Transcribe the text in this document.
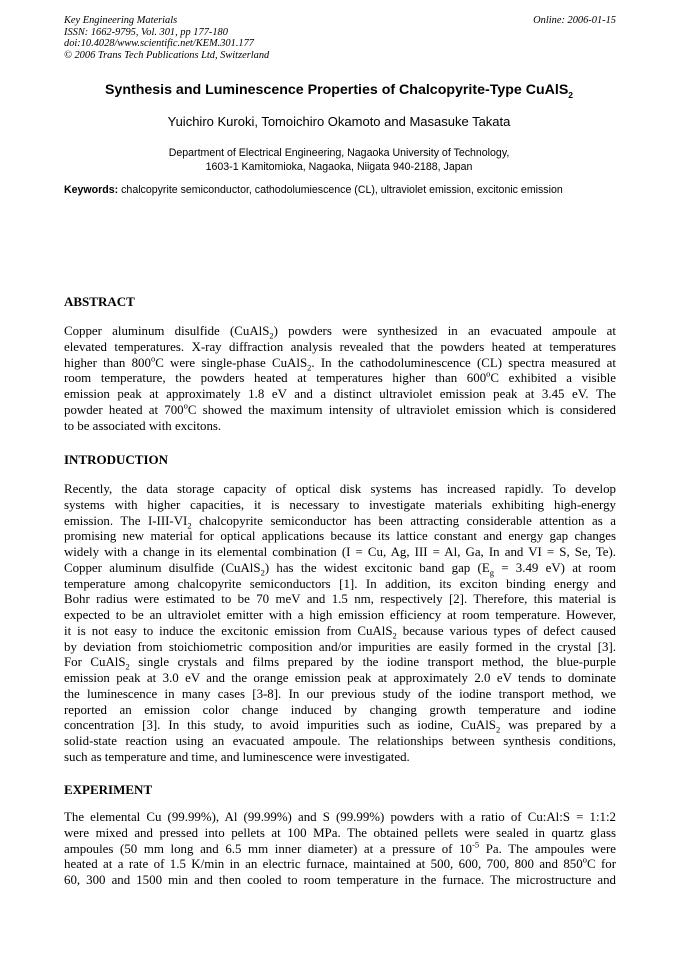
Key Engineering Materials
ISSN: 1662-9795, Vol. 301, pp 177-180
doi:10.4028/www.scientific.net/KEM.301.177
© 2006 Trans Tech Publications Ltd, Switzerland
Online: 2006-01-15
Synthesis and Luminescence Properties of Chalcopyrite-Type CuAlS$_2$
Yuichiro Kuroki, Tomoichiro Okamoto and Masasuke Takata
Department of Electrical Engineering, Nagaoka University of Technology,
1603-1 Kamitomioka, Nagaoka, Niigata 940-2188, Japan
Keywords: chalcopyrite semiconductor, cathodolumiescence (CL), ultraviolet emission, excitonic emission
ABSTRACT
Copper aluminum disulfide (CuAlS$_2$) powders were synthesized in an evacuated ampoule at
elevated temperatures. X-ray diffraction analysis revealed that the powders heated at temperatures
higher than 800$^o$C were single-phase CuAlS$_2$. In the cathodoluminescence (CL) spectra measured at
room temperature, the powders heated at temperatures higher than 600$^o$C exhibited a visible
emission peak at approximately 1.8 eV and a distinct ultraviolet emission peak at 3.45 eV. The
powder heated at 700$^o$C showed the maximum intensity of ultraviolet emission which is considered
to be associated with excitons.
INTRODUCTION
Recently, the data storage capacity of optical disk systems has increased rapidly. To develop
systems with higher capacities, it is necessary to investigate materials exhibiting high-energy
emission. The $I-III-VI_2$ chalcopyrite semiconductor has been attracting considerable attention as a
promising new material for optical applications because its lattice constant and energy gap changes
widely with a change in its elemental combination (I = Cu, Ag, III = Al, Ga, In and VI = S, Se, Te).
Copper aluminum disulfide (CuAlS$_2$) has the widest excitonic band gap ($E_g = 3.49$ eV) at room
temperature among chalcopyrite semiconductors [1]. In addition, its exciton binding energy and
Bohr radius were estimated to be 70 meV and 1.5 nm, respectively [2]. Therefore, this material is
expected to be an ultraviolet emitter with a high emission efficiency at room temperature. However,
it is not easy to induce the excitonic emission from CuAlS$_2$ because various types of defect caused
by deviation from stoichiometric composition and/or impurities are easily formed in the crystal [3].
For CuAlS$_2$ single crystals and films prepared by the iodine transport method, the blue-purple
emission peak at 3.0 eV and the orange emission peak at approximately 2.0 eV tends to dominate
the luminescence in many cases [3-8]. In our previous study of the iodine transport method, we
reported an emission color change induced by changing growth temperature and iodine
concentration [3]. In this study, to avoid impurities such as iodine, CuAlS$_2$ was prepared by a
solid-state reaction using an evacuated ampoule. The relationships between synthesis conditions,
such as temperature and time, and luminescence were investigated.
EXPERIMENT
The elemental Cu (99.99%), Al (99.99%) and S (99.99%) powders with a ratio of Cu:Al:S = 1:1:2
were mixed and pressed into pellets at 100 MPa. The obtained pellets were sealed in quartz glass
ampoules (50 mm long and 6.5 mm inner diameter) at a pressure of $10^{-5}$ Pa. The ampoules were
heated at a rate of 1.5 K/min in an electric furnace, maintained at 500, 600, 700, 800 and 850$^o$C for
60, 300 and 1500 min and then cooled to room temperature in the furnace. The microstructure and
